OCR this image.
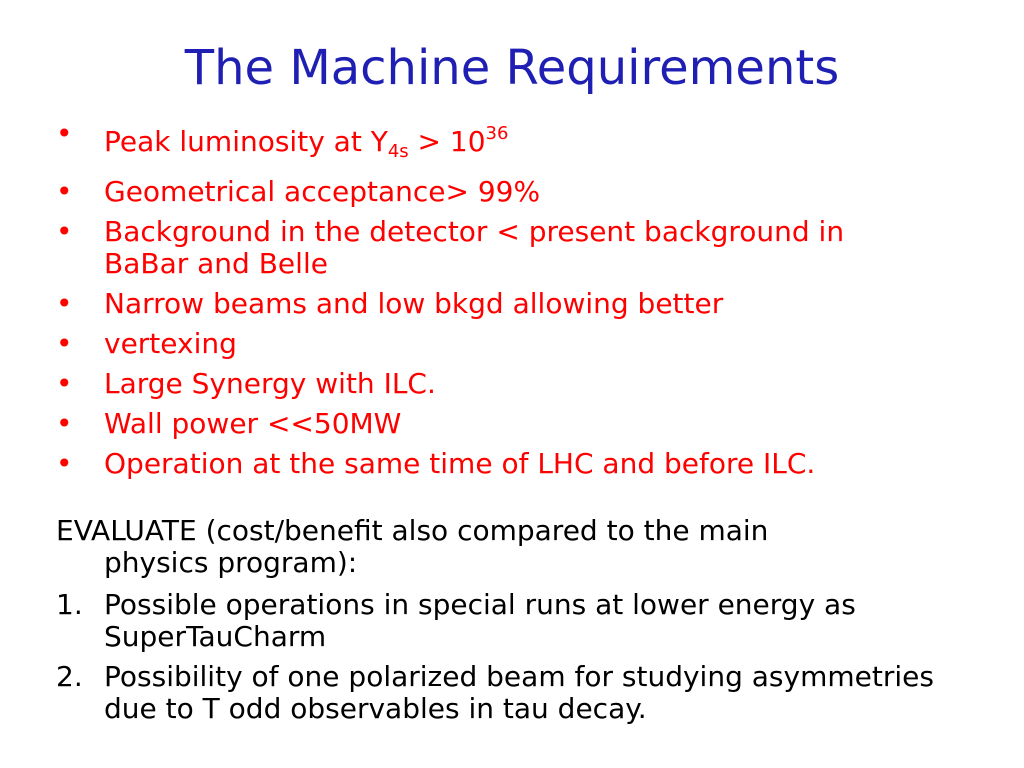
The Machine Requirements
• Peak luminosity at $Y_{4s} > 10^{36}$
• Geometrical acceptance> 99%
• Background in the detector < present background in BaBar and Belle
• Narrow beams and low bkgd allowing better
• vertexing
• Large Synergy with ILC.
• Wall power <<50MW
• Operation at the same time of LHC and before ILC.
EVALUATE (cost/benefit also compared to the main
physics program):
1. Possible operations in special runs at lower energy as SuperTauCharm
2. Possibility of one polarized beam for studying asymmetries due to T odd observables in tau decay.
